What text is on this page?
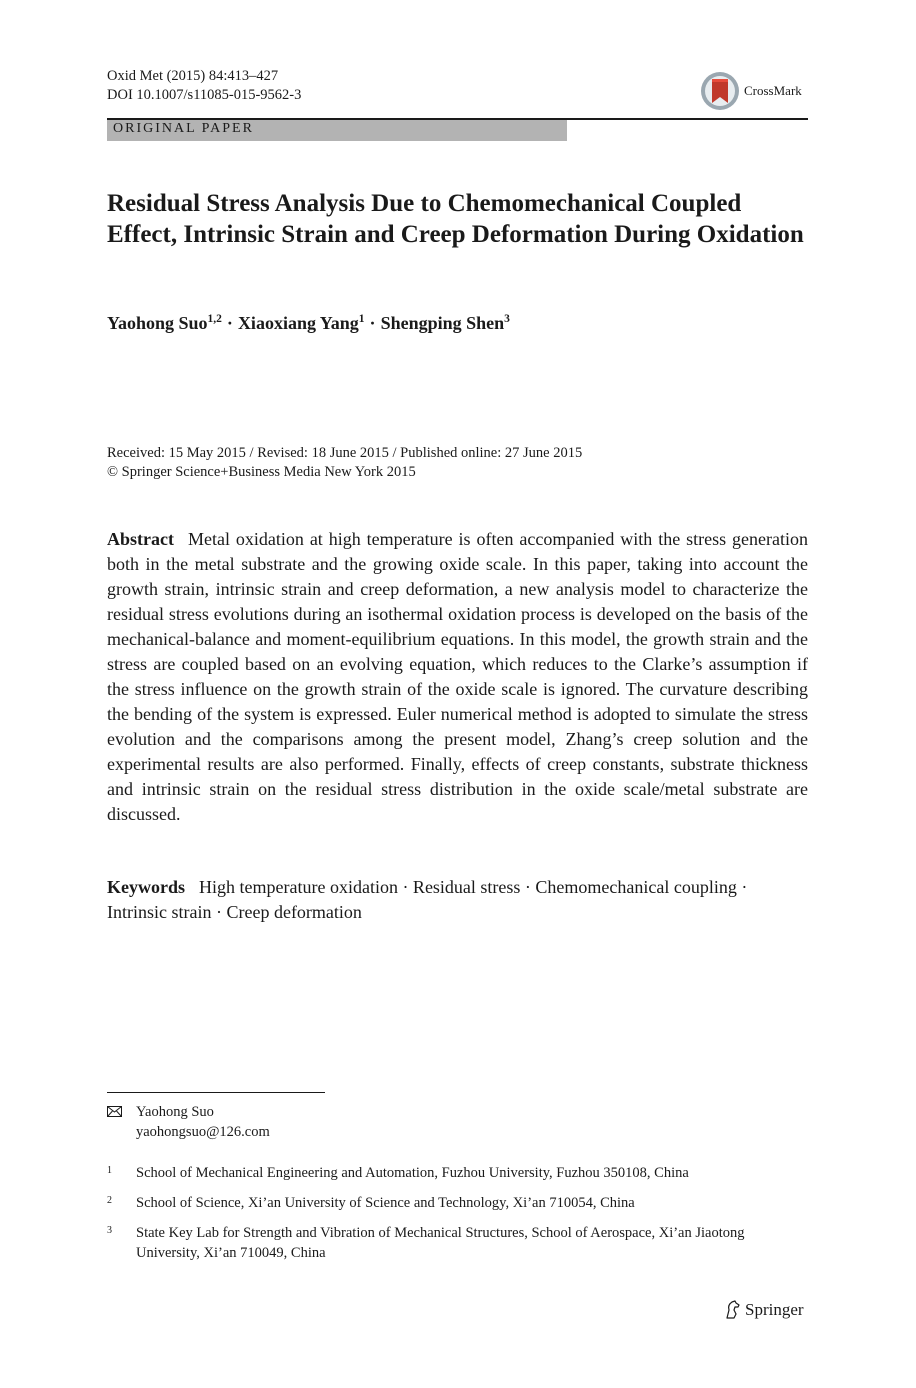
Oxid Met (2015) 84:413–427
DOI 10.1007/s11085-015-9562-3	CrossMark
ORIGINAL PAPER
Residual Stress Analysis Due to Chemomechanical Coupled Effect, Intrinsic Strain and Creep Deformation During Oxidation
Yaohong Suo$^{1,2}$ · Xiaoxiang Yang$^1$ · Shengping Shen$^3$
Received: 15 May 2015 / Revised: 18 June 2015 / Published online: 27 June 2015
© Springer Science+Business Media New York 2015
Abstract Metal oxidation at high temperature is often accompanied with the stress generation both in the metal substrate and the growing oxide scale. In this paper, taking into account the growth strain, intrinsic strain and creep deformation, a new analysis model to characterize the residual stress evolutions during an isothermal oxidation process is developed on the basis of the mechanical-balance and moment-equilibrium equations. In this model, the growth strain and the stress are coupled based on an evolving equation, which reduces to the Clarke’s assumption if the stress influence on the growth strain of the oxide scale is ignored. The curvature describing the bending of the system is expressed. Euler numerical method is adopted to simulate the stress evolution and the comparisons among the present model, Zhang’s creep solution and the experimental results are also performed. Finally, effects of creep constants, substrate thickness and intrinsic strain on the residual stress distribution in the oxide scale/metal substrate are discussed.
Keywords High temperature oxidation · Residual stress · Chemomechanical coupling · Intrinsic strain · Creep deformation
Yaohong Suo
yaohongsuo@126.com
1 School of Mechanical Engineering and Automation, Fuzhou University, Fuzhou 350108, China
2 School of Science, Xi’an University of Science and Technology, Xi’an 710054, China
3 State Key Lab for Strength and Vibration of Mechanical Structures, School of Aerospace, Xi’an Jiaotong University, Xi’an 710049, China
Springer
